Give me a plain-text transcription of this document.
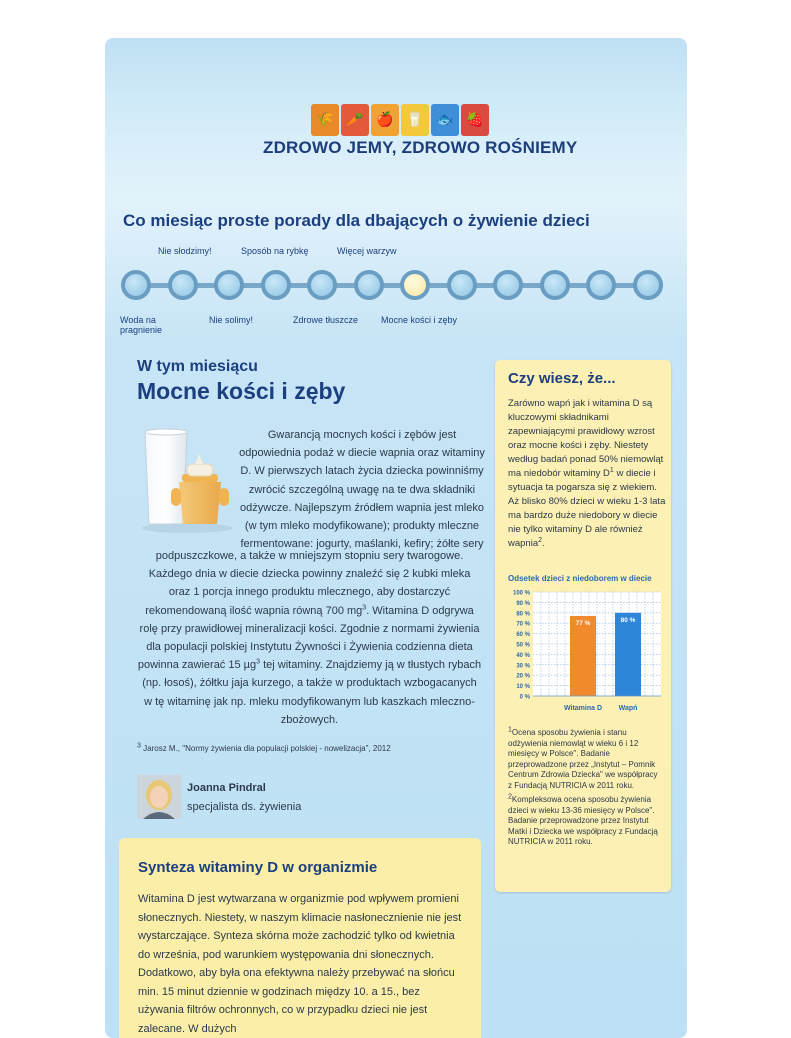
🌾 🥕 🍎 🥛 🐟 🍓
ZDROWO JEMY, ZDROWO ROŚNIEMY
Co miesiąc proste porady dla dbających o żywienie dzieci
Nie słodzimy!	Sposób na rybkę	Więcej warzyw
Woda na pragnienie
Nie solimy!	Zdrowe tłuszcze	Mocne kości i zęby
W tym miesiącu
Mocne kości i zęby
Gwarancją mocnych kości i zębów jest odpowiednia podaż w diecie wapnia oraz witaminy D. W pierwszych latach życia dziecka powinniśmy zwrócić szczególną uwagę na te dwa składniki odżywcze. Najlepszym źródłem wapnia jest mleko (w tym mleko modyfikowane); produkty mleczne fermentowane: jogurty, maślanki, kefiry; żółte sery
podpuszczkowe, a także w mniejszym stopniu sery twarogowe. Każdego dnia w diecie dziecka powinny znaleźć się 2 kubki mleka oraz 1 porcja innego produktu mlecznego, aby dostarczyć rekomendowaną ilość wapnia równą 700 $mg^3$. Witamina D odgrywa rolę przy prawidłowej mineralizacji kości. Zgodnie z normami żywienia dla populacji polskiej Instytutu Żywności i Żywienia codzienna dieta powinna zawierać 15 µg$^3$ tej witaminy. Znajdziemy ją w tłustych rybach (np. łosoś), żółtku jaja kurzego, a także w produktach wzbogacanych w tę witaminę jak np. mleku modyfikowanym lub kaszkach mleczno-zbożowych.
$^3$ Jarosz M., "Normy żywienia dla populacji polskiej - nowelizacja", 2012
Joanna Pindral
specjalista ds. żywienia
Synteza witaminy D w organizmie
Witamina D jest wytwarzana w organizmie pod wpływem promieni słonecznych. Niestety, w naszym klimacie nasłonecznienie nie jest wystarczające. Synteza skórna może zachodzić tylko od kwietnia do września, pod warunkiem występowania dni słonecznych. Dodatkowo, aby była ona efektywna należy przebywać na słońcu min. 15 minut dziennie w godzinach między 10. a 15., bez używania filtrów ochronnych, co w przypadku dzieci nie jest zalecane. W dużych
Czy wiesz, że...
Zarówno wapń jak i witamina D są kluczowymi składnikami zapewniającymi prawidłowy wzrost oraz mocne kości i zęby. Niestety według badań ponad 50% niemowląt ma niedobór witaminy $D^1$ w diecie i sytuacja ta pogarsza się z wiekiem. Aż blisko 80% dzieci w wieku 1-3 lata ma bardzo duże niedobory w diecie nie tylko witaminy D ale również wapnia$^2$.
Odsetek dzieci z niedoborem w diecie
0 %
10 %
20 %
30 %
40 %
50 %
60 %
70 %
80 %
90 %
100 %
77 %
Witamina D
80 %
Wapń
$^1$Ocena sposobu żywienia i stanu odżywienia niemowląt w wieku 6 i 12 miesięcy w Polsce". Badanie przeprowadzone przez „Instytut – Pomnik Centrum Zdrowia Dziecka" we współpracy z Fundacją NUTRICIA w 2011 roku.
$^2$Kompleksowa ocena sposobu żywienia dzieci w wieku 13-36 miesięcy w Polsce". Badanie przeprowadzone przez Instytut Matki i Dziecka we współpracy z Fundacją NUTRICIA w 2011 roku.
